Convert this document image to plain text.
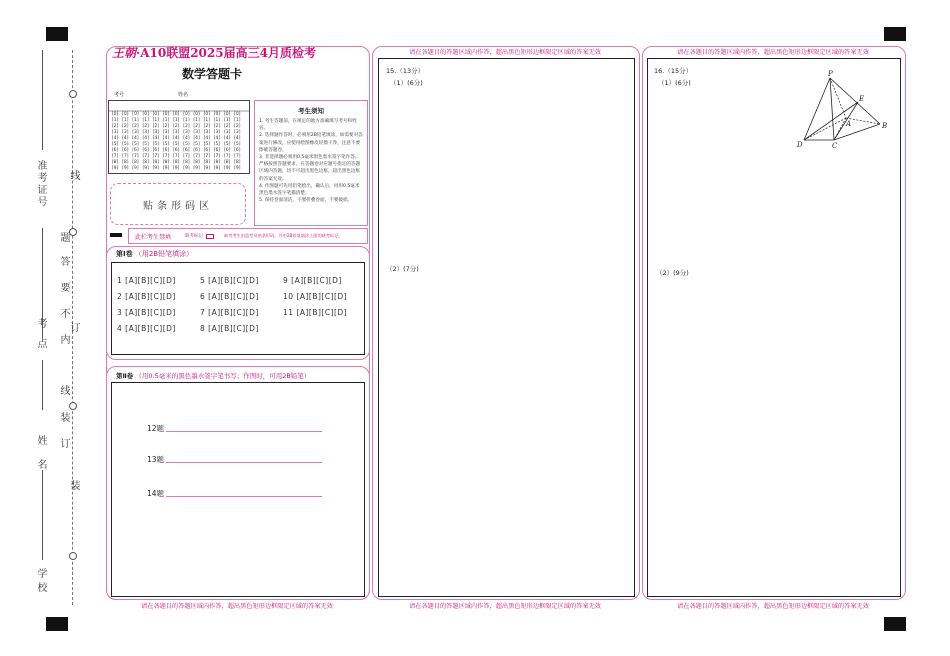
准考证号
考点
姓名
学校
线
题
答
要
不
内
订
线
装
订
装
王朝·A10联盟2025届高三4月质检考
数学答题卡
考号	姓名
[0] [0] [0] [0] [0] [0] [0] [0] [0] [0] [0] [0] [0]
[1] [1] [1] [1] [1] [1] [1] [1] [1] [1] [1] [1] [1]
[2] [2] [2] [2] [2] [2] [2] [2] [2] [2] [2] [2] [2]
[3] [3] [3] [3] [3] [3] [3] [3] [3] [3] [3] [3] [3]
[4] [4] [4] [4] [4] [4] [4] [4] [4] [4] [4] [4] [4]
[5] [5] [5] [5] [5] [5] [5] [5] [5] [5] [5] [5] [5]
[6] [6] [6] [6] [6] [6] [6] [6] [6] [6] [6] [6] [6]
[7] [7] [7] [7] [7] [7] [7] [7] [7] [7] [7] [7] [7]
[8] [8] [8] [8] [8] [8] [8] [8] [8] [8] [8] [8] [8]
[9] [9] [9] [9] [9] [9] [9] [9] [9] [9] [9] [9] [9]
考生须知
1. 考生答题前，在规定的地方准确填写考号和姓名。
2. 选择题作答时，必须用2B铅笔填涂，如需要对答案进行修改，应使用绘图橡皮轻擦干净，注意不要擦破答题卷。
3. 非选择题必须用0.5毫米黑色墨水签字笔作答。严格按照答题要求，在答题卷对应题号指定的答题区域内答题，切不可超出黑色边框，超出黑色边框的答案无效。
4. 作图题可先用铅笔绘出，确认后，再用0.5毫米黑色墨水签字笔描清楚。
5. 保持卷面清洁，不要折叠卷面、不要破损。
贴条形码区
此栏考生禁填	缺考标记	缺考考生由监考员贴条形码，并用2B铅笔填涂上面的缺考标记。
第Ⅰ卷 （用2B铅笔填涂）
1 [A][B][C][D]	5 [A][B][C][D]	9 [A][B][C][D]
2 [A][B][C][D]	6 [A][B][C][D]	10 [A][B][C][D]
3 [A][B][C][D]	7 [A][B][C][D]	11 [A][B][C][D]
4 [A][B][C][D]	8 [A][B][C][D]
第Ⅱ卷 （用0.5毫米的黑色墨水签字笔书写；作图时，可用2B铅笔）
12题
13题
14题
请在各题目的答题区域内作答，超出黑色矩形边框限定区域的答案无效
请在各题目的答题区域内作答，超出黑色矩形边框限定区域的答案无效
15.（13分）
（1）(6分)
（2）(7分)
请在各题目的答题区域内作答，超出黑色矩形边框限定区域的答案无效
请在各题目的答题区域内作答，超出黑色矩形边框限定区域的答案无效
16.（15分）
（1）(6分)
（2）(9分)
P
E
A	B
D	C
请在各题目的答题区域内作答，超出黑色矩形边框限定区域的答案无效
